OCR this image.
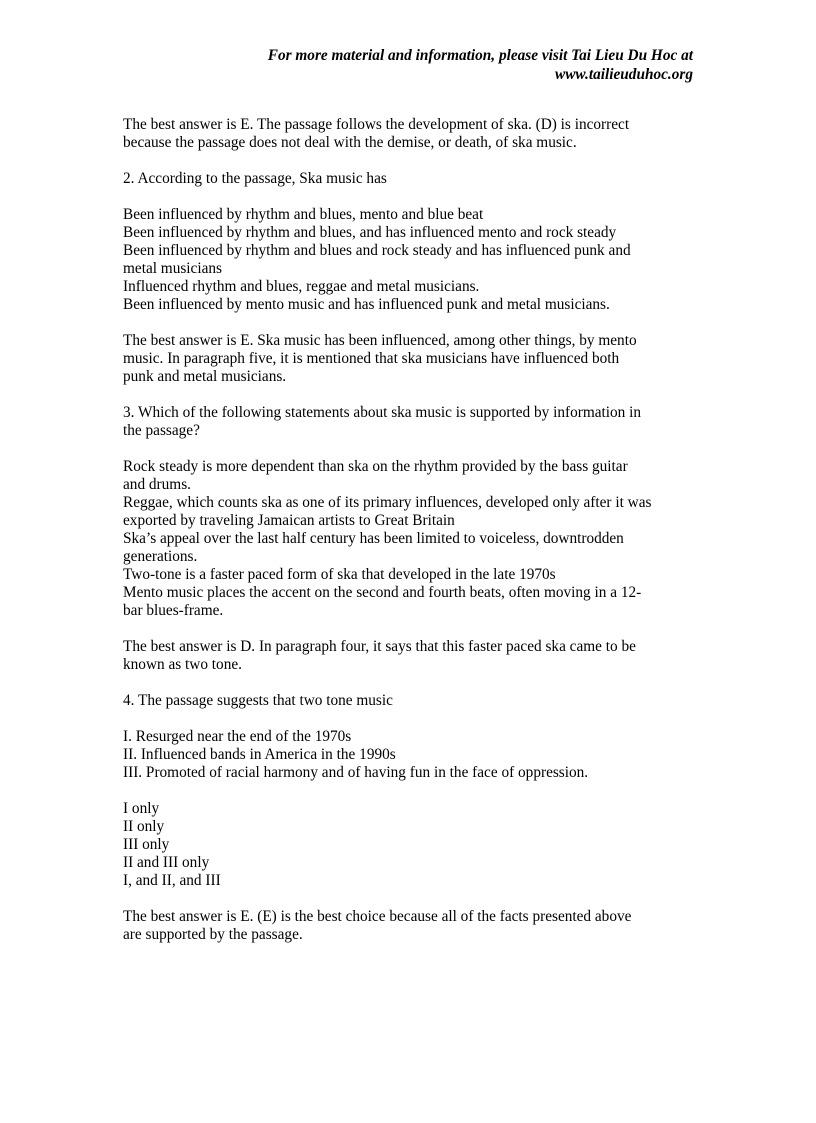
For more material and information, please visit Tai Lieu Du Hoc at

www.tailieuduhoc.org

The best answer is E. The passage follows the development of ska. (D) is incorrect

because the passage does not deal with the demise, or death, of ska music.

2. According to the passage, Ska music has

Been influenced by rhythm and blues, mento and blue beat

Been influenced by rhythm and blues, and has influenced mento and rock steady

Been influenced by rhythm and blues and rock steady and has influenced punk and

metal musicians

Influenced rhythm and blues, reggae and metal musicians.

Been influenced by mento music and has influenced punk and metal musicians.

The best answer is E. Ska music has been influenced, among other things, by mento

music. In paragraph five, it is mentioned that ska musicians have influenced both

punk and metal musicians.

3. Which of the following statements about ska music is supported by information in

the passage?

Rock steady is more dependent than ska on the rhythm provided by the bass guitar

and drums.

Reggae, which counts ska as one of its primary influences, developed only after it was

exported by traveling Jamaican artists to Great Britain

Ska’s appeal over the last half century has been limited to voiceless, downtrodden

generations.

Two-tone is a faster paced form of ska that developed in the late 1970s

Mento music places the accent on the second and fourth beats, often moving in a 12-

bar blues-frame.

The best answer is D. In paragraph four, it says that this faster paced ska came to be

known as two tone.

4. The passage suggests that two tone music

I. Resurged near the end of the 1970s

II. Influenced bands in America in the 1990s

III. Promoted of racial harmony and of having fun in the face of oppression.

I only

II only

III only

II and III only

I, and II, and III

The best answer is E. (E) is the best choice because all of the facts presented above

are supported by the passage.
